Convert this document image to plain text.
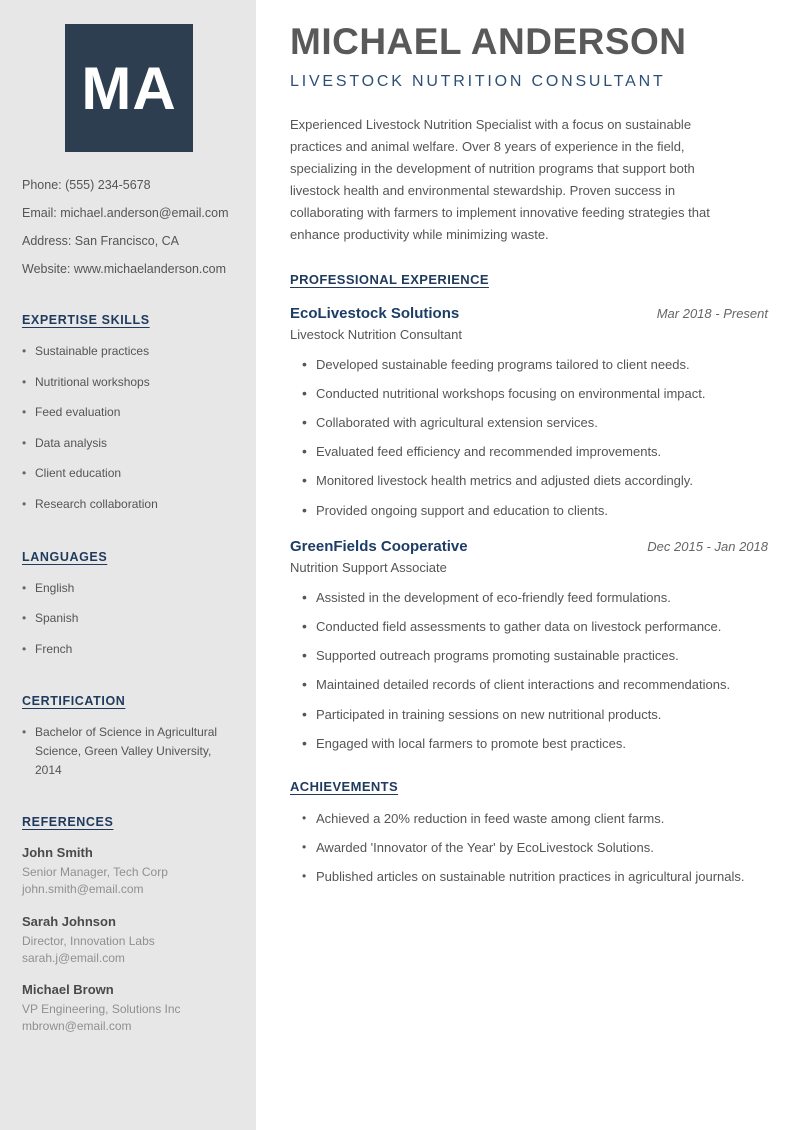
MA
Phone: (555) 234-5678
Email: michael.anderson@email.com
Address: San Francisco, CA
Website: www.michaelanderson.com
EXPERTISE SKILLS
• Sustainable practices
• Nutritional workshops
• Feed evaluation
• Data analysis
• Client education
• Research collaboration
LANGUAGES
• English
• Spanish
• French
CERTIFICATION
• Bachelor of Science in Agricultural Science, Green Valley University, 2014
REFERENCES
John Smith
Senior Manager, Tech Corp
john.smith@email.com
Sarah Johnson
Director, Innovation Labs
sarah.j@email.com
Michael Brown
VP Engineering, Solutions Inc
mbrown@email.com
MICHAEL ANDERSON
LIVESTOCK NUTRITION CONSULTANT

Experienced Livestock Nutrition Specialist with a focus on sustainable practices and animal welfare. Over 8 years of experience in the field, specializing in the development of nutrition programs that support both livestock health and environmental stewardship. Proven success in collaborating with farmers to implement innovative feeding strategies that enhance productivity while minimizing waste.

PROFESSIONAL EXPERIENCE
EcoLivestock Solutions	Mar 2018 - Present
Livestock Nutrition Consultant
• Developed sustainable feeding programs tailored to client needs.
• Conducted nutritional workshops focusing on environmental impact.
• Collaborated with agricultural extension services.
• Evaluated feed efficiency and recommended improvements.
• Monitored livestock health metrics and adjusted diets accordingly.
• Provided ongoing support and education to clients.
GreenFields Cooperative	Dec 2015 - Jan 2018
Nutrition Support Associate
• Assisted in the development of eco-friendly feed formulations.
• Conducted field assessments to gather data on livestock performance.
• Supported outreach programs promoting sustainable practices.
• Maintained detailed records of client interactions and recommendations.
• Participated in training sessions on new nutritional products.
• Engaged with local farmers to promote best practices.
ACHIEVEMENTS
• Achieved a 20% reduction in feed waste among client farms.
• Awarded 'Innovator of the Year' by EcoLivestock Solutions.
• Published articles on sustainable nutrition practices in agricultural journals.
